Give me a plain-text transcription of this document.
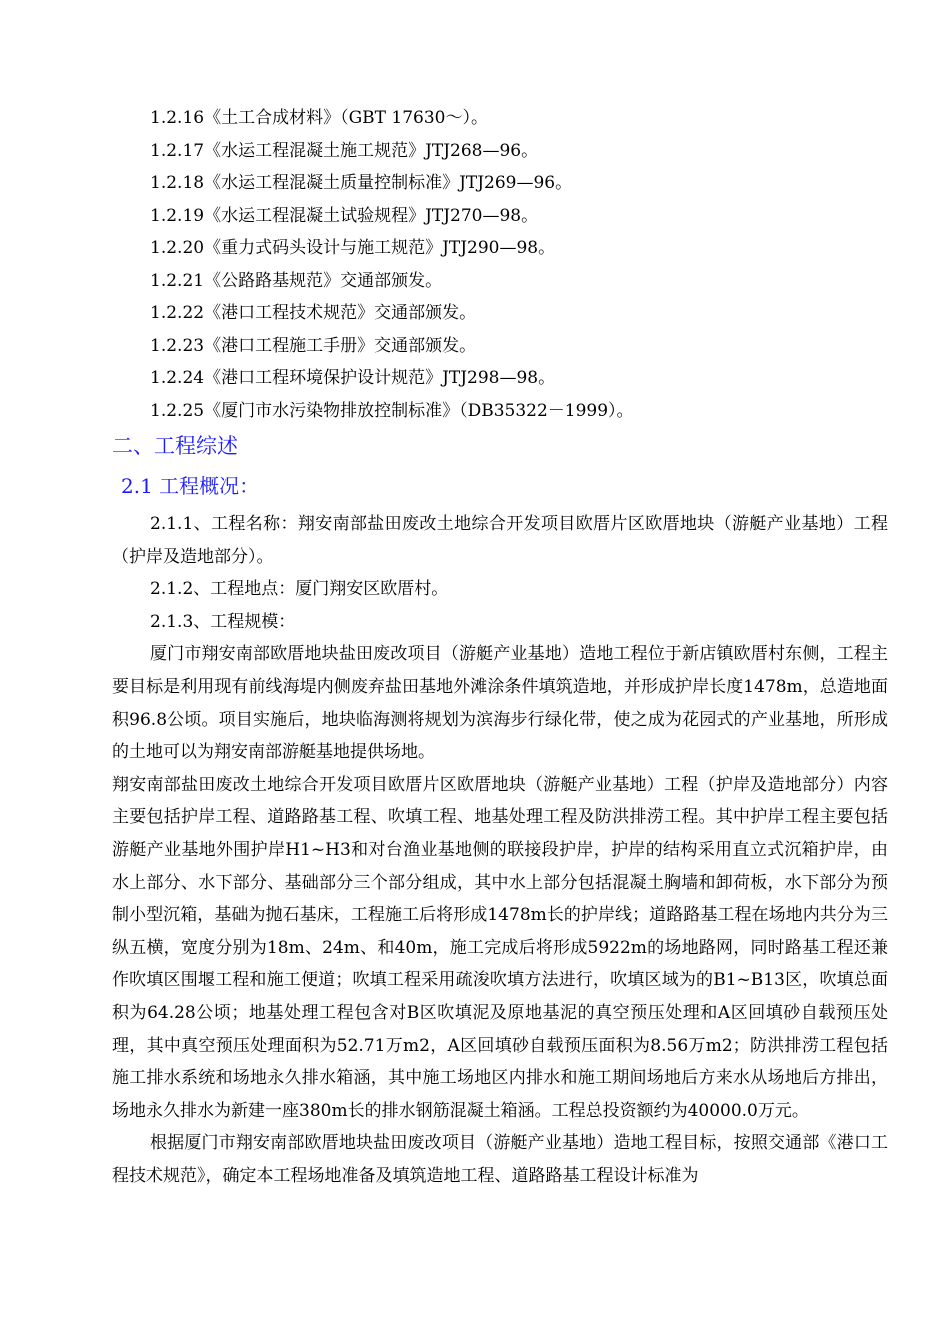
1.2.16《土工合成材料》（GBT 17630～）。
1.2.17《水运工程混凝土施工规范》JTJ268—96。
1.2.18《水运工程混凝土质量控制标准》JTJ269—96。
1.2.19《水运工程混凝土试验规程》JTJ270—98。
1.2.20《重力式码头设计与施工规范》JTJ290—98。
1.2.21《公路路基规范》交通部颁发。
1.2.22《港口工程技术规范》交通部颁发。
1.2.23《港口工程施工手册》交通部颁发。
1.2.24《港口工程环境保护设计规范》JTJ298—98。
1.2.25《厦门市水污染物排放控制标准》（DB35322－1999）。
二、工程综述
2.1 工程概况：

2.1.1、工程名称：翔安南部盐田废改土地综合开发项目欧厝片区欧厝地块（游艇产业基地）工程（护岸及造地部分）。

2.1.2、工程地点：厦门翔安区欧厝村。

2.1.3、工程规模：

厦门市翔安南部欧厝地块盐田废改项目（游艇产业基地）造地工程位于新店镇欧厝村东侧，工程主要目标是利用现有前线海堤内侧废弃盐田基地外滩涂条件填筑造地，并形成护岸长度1478m，总造地面积96.8公顷。项目实施后，地块临海测将规划为滨海步行绿化带，使之成为花园式的产业基地，所形成的土地可以为翔安南部游艇基地提供场地。

翔安南部盐田废改土地综合开发项目欧厝片区欧厝地块（游艇产业基地）工程（护岸及造地部分）内容主要包括护岸工程、道路路基工程、吹填工程、地基处理工程及防洪排涝工程。其中护岸工程主要包括游艇产业基地外围护岸H1~H3和对台渔业基地侧的联接段护岸，护岸的结构采用直立式沉箱护岸，由水上部分、水下部分、基础部分三个部分组成，其中水上部分包括混凝土胸墙和卸荷板，水下部分为预制小型沉箱，基础为抛石基床，工程施工后将形成1478m长的护岸线；道路路基工程在场地内共分为三纵五横，宽度分别为18m、24m、和40m，施工完成后将形成5922m的场地路网，同时路基工程还兼作吹填区围堰工程和施工便道；吹填工程采用疏浚吹填方法进行，吹填区域为的B1~B13区，吹填总面积为64.28公顷；地基处理工程包含对B区吹填泥及原地基泥的真空预压处理和A区回填砂自载预压处理，其中真空预压处理面积为52.71万m2，A区回填砂自载预压面积为8.56万m2；防洪排涝工程包括施工排水系统和场地永久排水箱涵，其中施工场地区内排水和施工期间场地后方来水从场地后方排出，场地永久排水为新建一座380m长的排水钢筋混凝土箱涵。工程总投资额约为40000.0万元。

根据厦门市翔安南部欧厝地块盐田废改项目（游艇产业基地）造地工程目标，按照交通部《港口工程技术规范》，确定本工程场地准备及填筑造地工程、道路路基工程设计标准为
